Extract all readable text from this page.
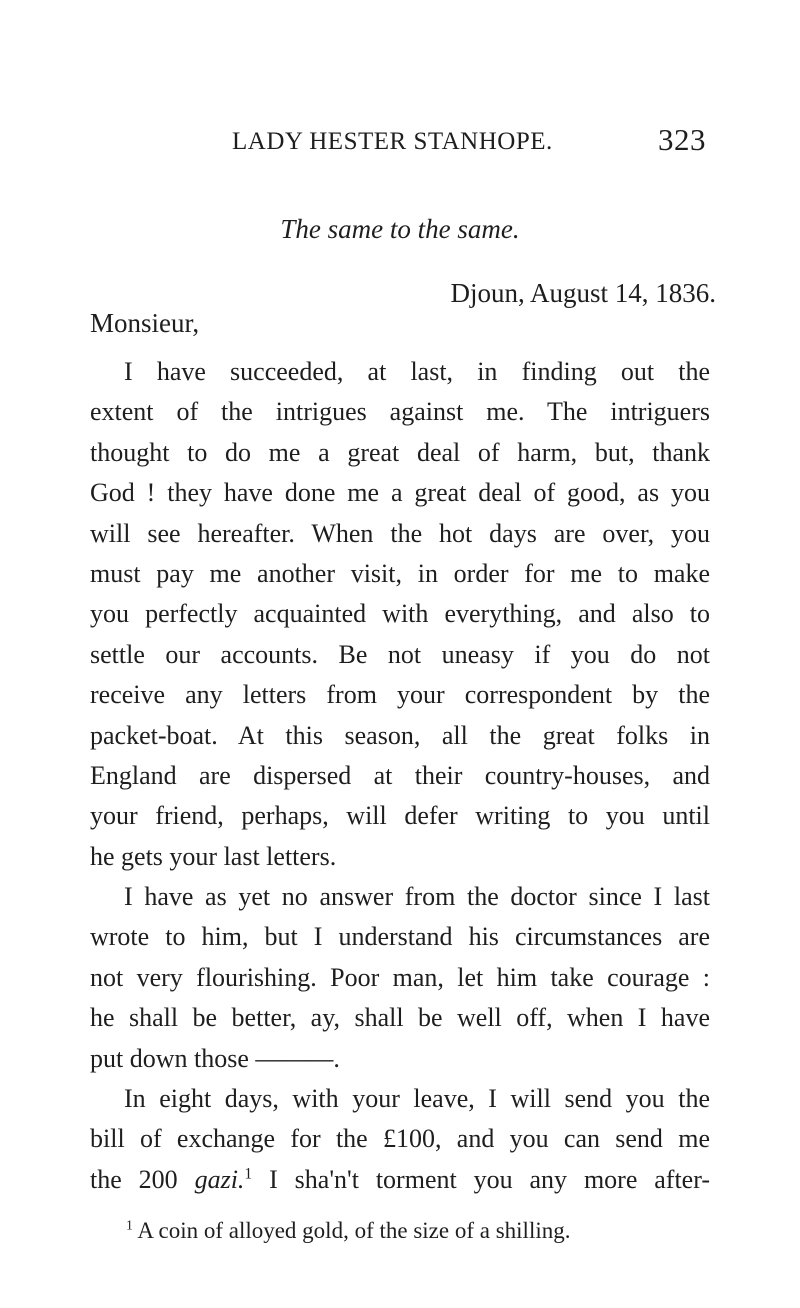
LADY HESTER STANHOPE.	323
The same to the same.
Djoun, August 14, 1836.
Monsieur,
I have succeeded, at last, in finding out the
extent of the intrigues against me. The intriguers
thought to do me a great deal of harm, but, thank
God ! they have done me a great deal of good, as you
will see hereafter. When the hot days are over, you
must pay me another visit, in order for me to make
you perfectly acquainted with everything, and also to
settle our accounts. Be not uneasy if you do not
receive any letters from your correspondent by the
packet-boat. At this season, all the great folks in
England are dispersed at their country-houses, and
your friend, perhaps, will defer writing to you until
he gets your last letters.
I have as yet no answer from the doctor since I last
wrote to him, but I understand his circumstances are
not very flourishing. Poor man, let him take courage :
he shall be better, ay, shall be well off, when I have
put down those ———.
In eight days, with your leave, I will send you the
bill of exchange for the £100, and you can send me
the 200 gazi.$^1$ I sha'n't torment you any more after-
$^1$ A coin of alloyed gold, of the size of a shilling.
